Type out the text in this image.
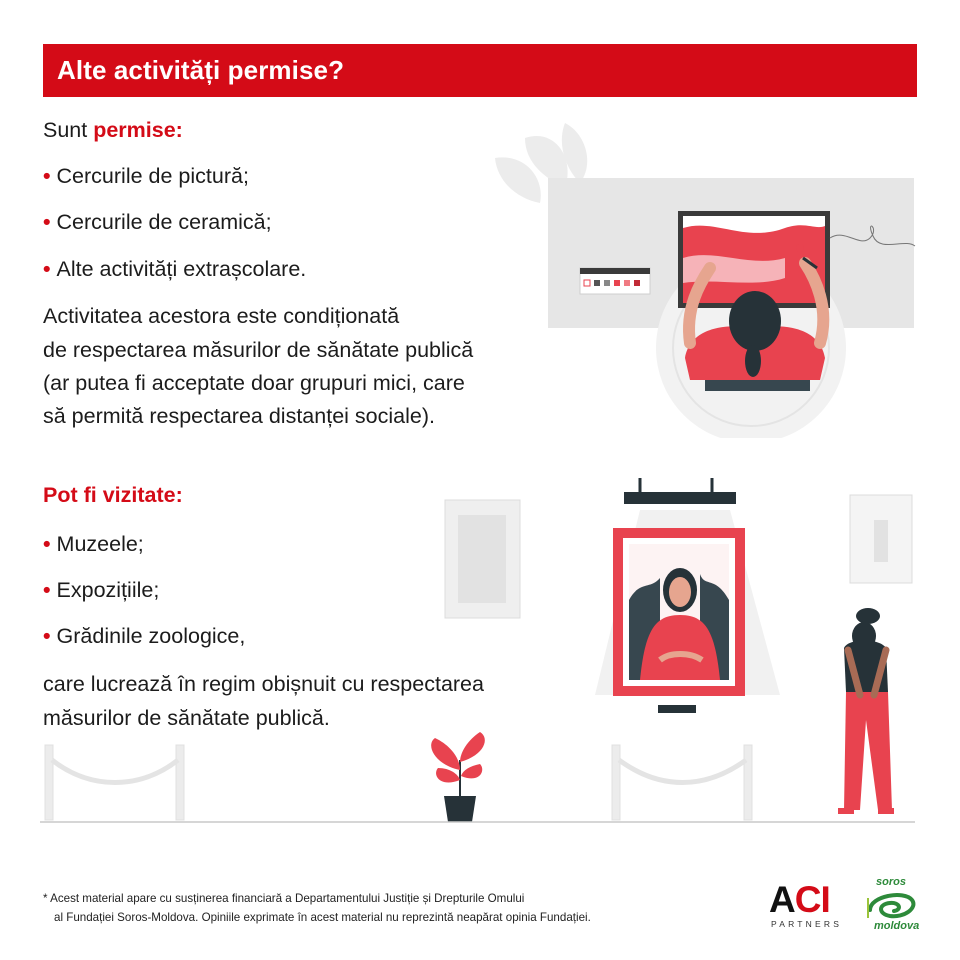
Alte activități permise?
Sunt permise:
• Cercurile de pictură;
• Cercurile de ceramică;
• Alte activități extrașcolare.
Activitatea acestora este condiționată
de respectarea măsurilor de sănătate publică
(ar putea fi acceptate doar grupuri mici, care
să permită respectarea distanței sociale).
Pot fi vizitate:
• Muzeele;
• Expozițiile;
• Grădinile zoologice,
care lucrează în regim obișnuit cu respectarea
măsurilor de sănătate publică.
* Acest material apare cu susținerea financiară a Departamentului Justiție și Drepturile Omului
al Fundației Soros-Moldova. Opiniile exprimate în acest material nu reprezintă neapărat opinia Fundației.	ACI
PARTNERS
soros
moldova
